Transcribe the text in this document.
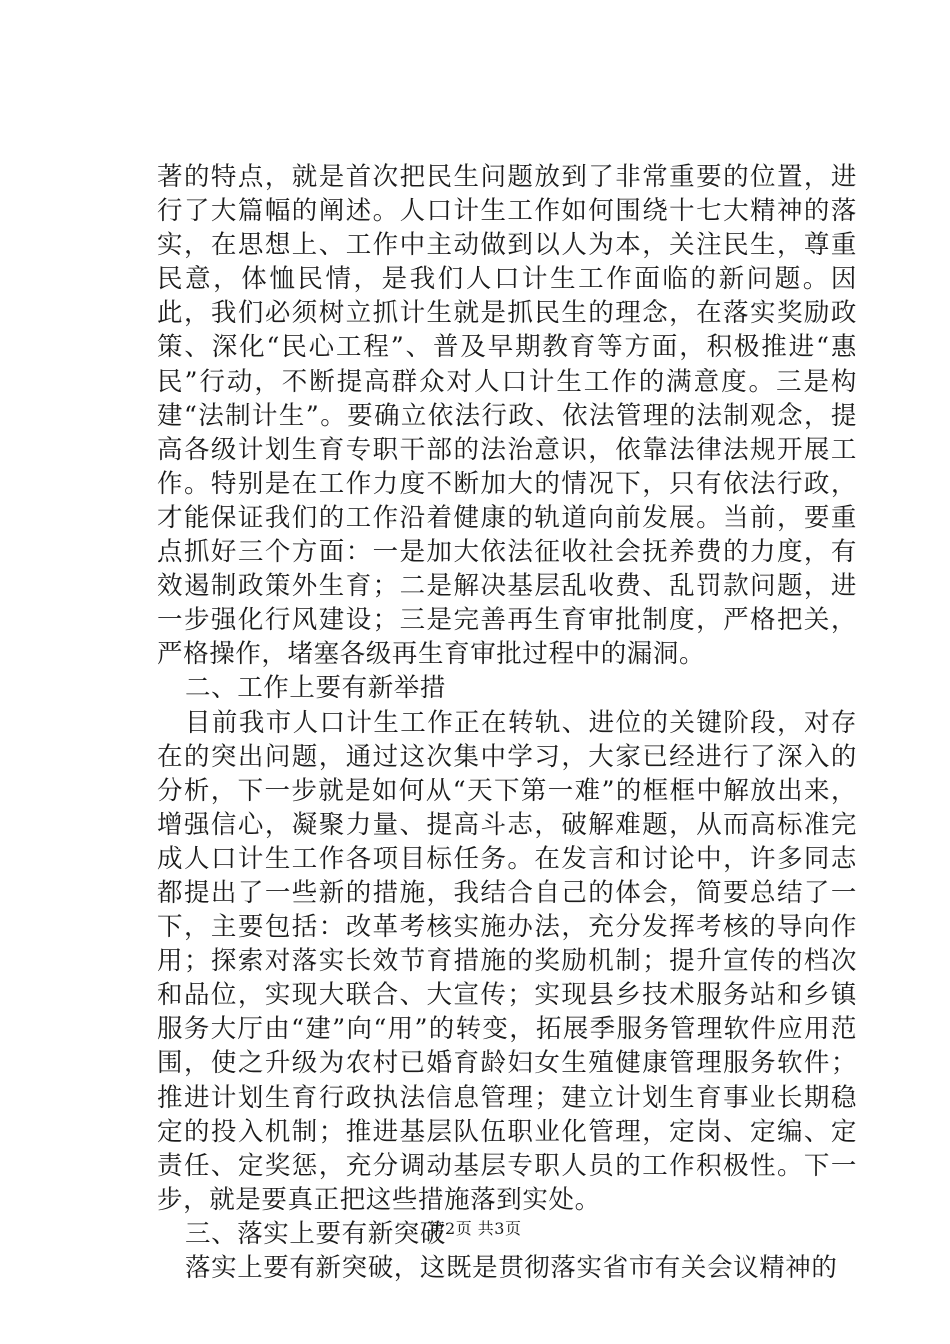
著的特点，就是首次把民生问题放到了非常重要的位置，进行了大篇幅的阐述。人口计生工作如何围绕十七大精神的落实，在思想上、工作中主动做到以人为本，关注民生，尊重民意，体恤民情，是我们人口计生工作面临的新问题。因此，我们必须树立抓计生就是抓民生的理念，在落实奖励政策、深化“民心工程”、普及早期教育等方面，积极推进“惠民”行动，不断提高群众对人口计生工作的满意度。三是构建“法制计生”。要确立依法行政、依法管理的法制观念，提高各级计划生育专职干部的法治意识，依靠法律法规开展工作。特别是在工作力度不断加大的情况下，只有依法行政，才能保证我们的工作沿着健康的轨道向前发展。当前，要重点抓好三个方面：一是加大依法征收社会抚养费的力度，有效遏制政策外生育；二是解决基层乱收费、乱罚款问题，进一步强化行风建设；三是完善再生育审批制度，严格把关，严格操作，堵塞各级再生育审批过程中的漏洞。

二、工作上要有新举措

目前我市人口计生工作正在转轨、进位的关键阶段，对存在的突出问题，通过这次集中学习，大家已经进行了深入的分析，下一步就是如何从“天下第一难”的框框中解放出来，增强信心，凝聚力量、提高斗志，破解难题，从而高标准完成人口计生工作各项目标任务。在发言和讨论中，许多同志都提出了一些新的措施，我结合自己的体会，简要总结了一下，主要包括：改革考核实施办法，充分发挥考核的导向作用；探索对落实长效节育措施的奖励机制；提升宣传的档次和品位，实现大联合、大宣传；实现县乡技术服务站和乡镇服务大厅由“建”向“用”的转变，拓展季服务管理软件应用范围，使之升级为农村已婚育龄妇女生殖健康管理服务软件；推进计划生育行政执法信息管理；建立计划生育事业长期稳定的投入机制；推进基层队伍职业化管理，定岗、定编、定责任、定奖惩，充分调动基层专职人员的工作积极性。下一步，就是要真正把这些措施落到实处。

三、落实上要有新突破

落实上要有新突破，这既是贯彻落实省市有关会议精神的

第2页 共3页
